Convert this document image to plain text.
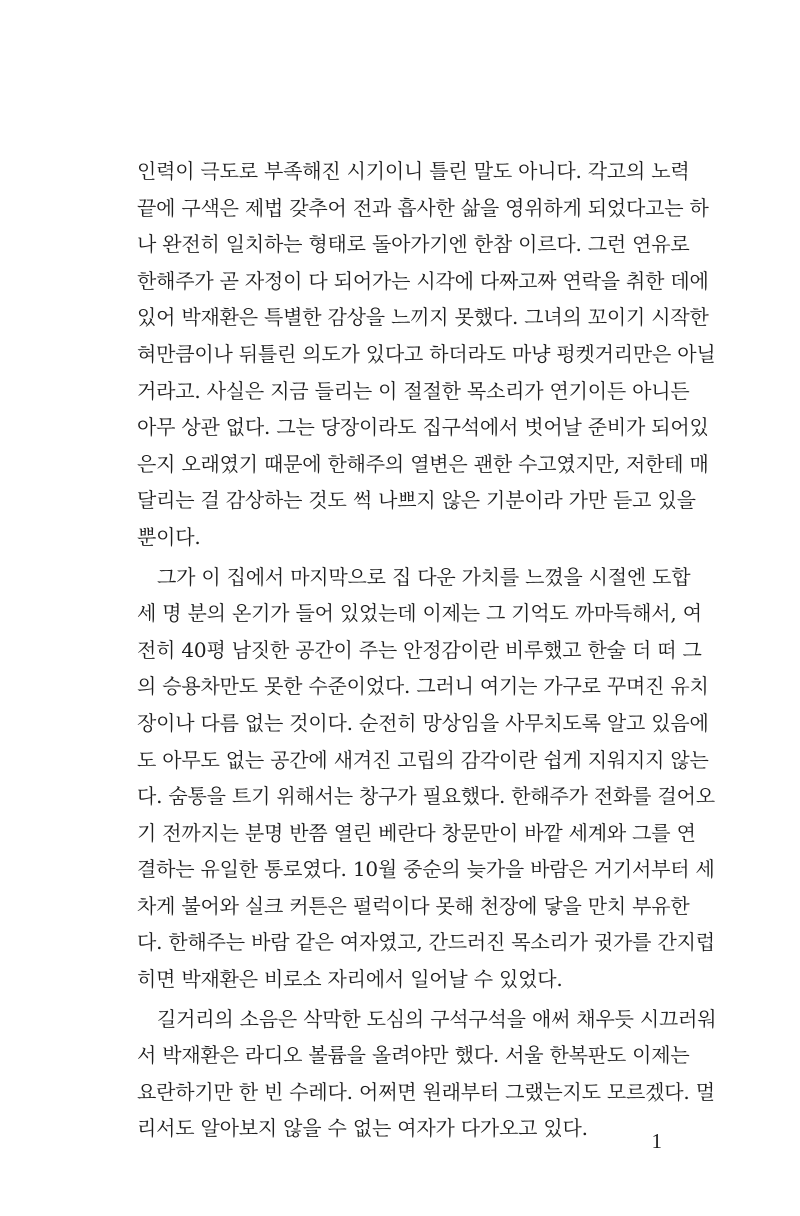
인력이 극도로 부족해진 시기이니 틀린 말도 아니다. 각고의 노력
끝에 구색은 제법 갖추어 전과 흡사한 삶을 영위하게 되었다고는 하
나 완전히 일치하는 형태로 돌아가기엔 한참 이르다. 그런 연유로
한해주가 곧 자정이 다 되어가는 시각에 다짜고짜 연락을 취한 데에
있어 박재환은 특별한 감상을 느끼지 못했다. 그녀의 꼬이기 시작한
혀만큼이나 뒤틀린 의도가 있다고 하더라도 마냥 펑켓거리만은 아닐
거라고. 사실은 지금 들리는 이 절절한 목소리가 연기이든 아니든
아무 상관 없다. 그는 당장이라도 집구석에서 벗어날 준비가 되어있
은지 오래였기 때문에 한해주의 열변은 괜한 수고였지만, 저한테 매
달리는 걸 감상하는 것도 썩 나쁘지 않은 기분이라 가만 듣고 있을
뿐이다.
그가 이 집에서 마지막으로 집 다운 가치를 느꼈을 시절엔 도합
세 명 분의 온기가 들어 있었는데 이제는 그 기억도 까마득해서, 여
전히 40평 남짓한 공간이 주는 안정감이란 비루했고 한술 더 떠 그
의 승용차만도 못한 수준이었다. 그러니 여기는 가구로 꾸며진 유치
장이나 다름 없는 것이다. 순전히 망상임을 사무치도록 알고 있음에
도 아무도 없는 공간에 새겨진 고립의 감각이란 쉽게 지워지지 않는
다. 숨통을 트기 위해서는 창구가 필요했다. 한해주가 전화를 걸어오
기 전까지는 분명 반쯤 열린 베란다 창문만이 바깥 세계와 그를 연
결하는 유일한 통로였다. 10월 중순의 늦가을 바람은 거기서부터 세
차게 불어와 실크 커튼은 펄럭이다 못해 천장에 닿을 만치 부유한
다. 한해주는 바람 같은 여자였고, 간드러진 목소리가 귓가를 간지럽
히면 박재환은 비로소 자리에서 일어날 수 있었다.
길거리의 소음은 삭막한 도심의 구석구석을 애써 채우듯 시끄러워
서 박재환은 라디오 볼륨을 올려야만 했다. 서울 한복판도 이제는
요란하기만 한 빈 수레다. 어쩌면 원래부터 그랬는지도 모르겠다. 멀
리서도 알아보지 않을 수 없는 여자가 다가오고 있다.
1
